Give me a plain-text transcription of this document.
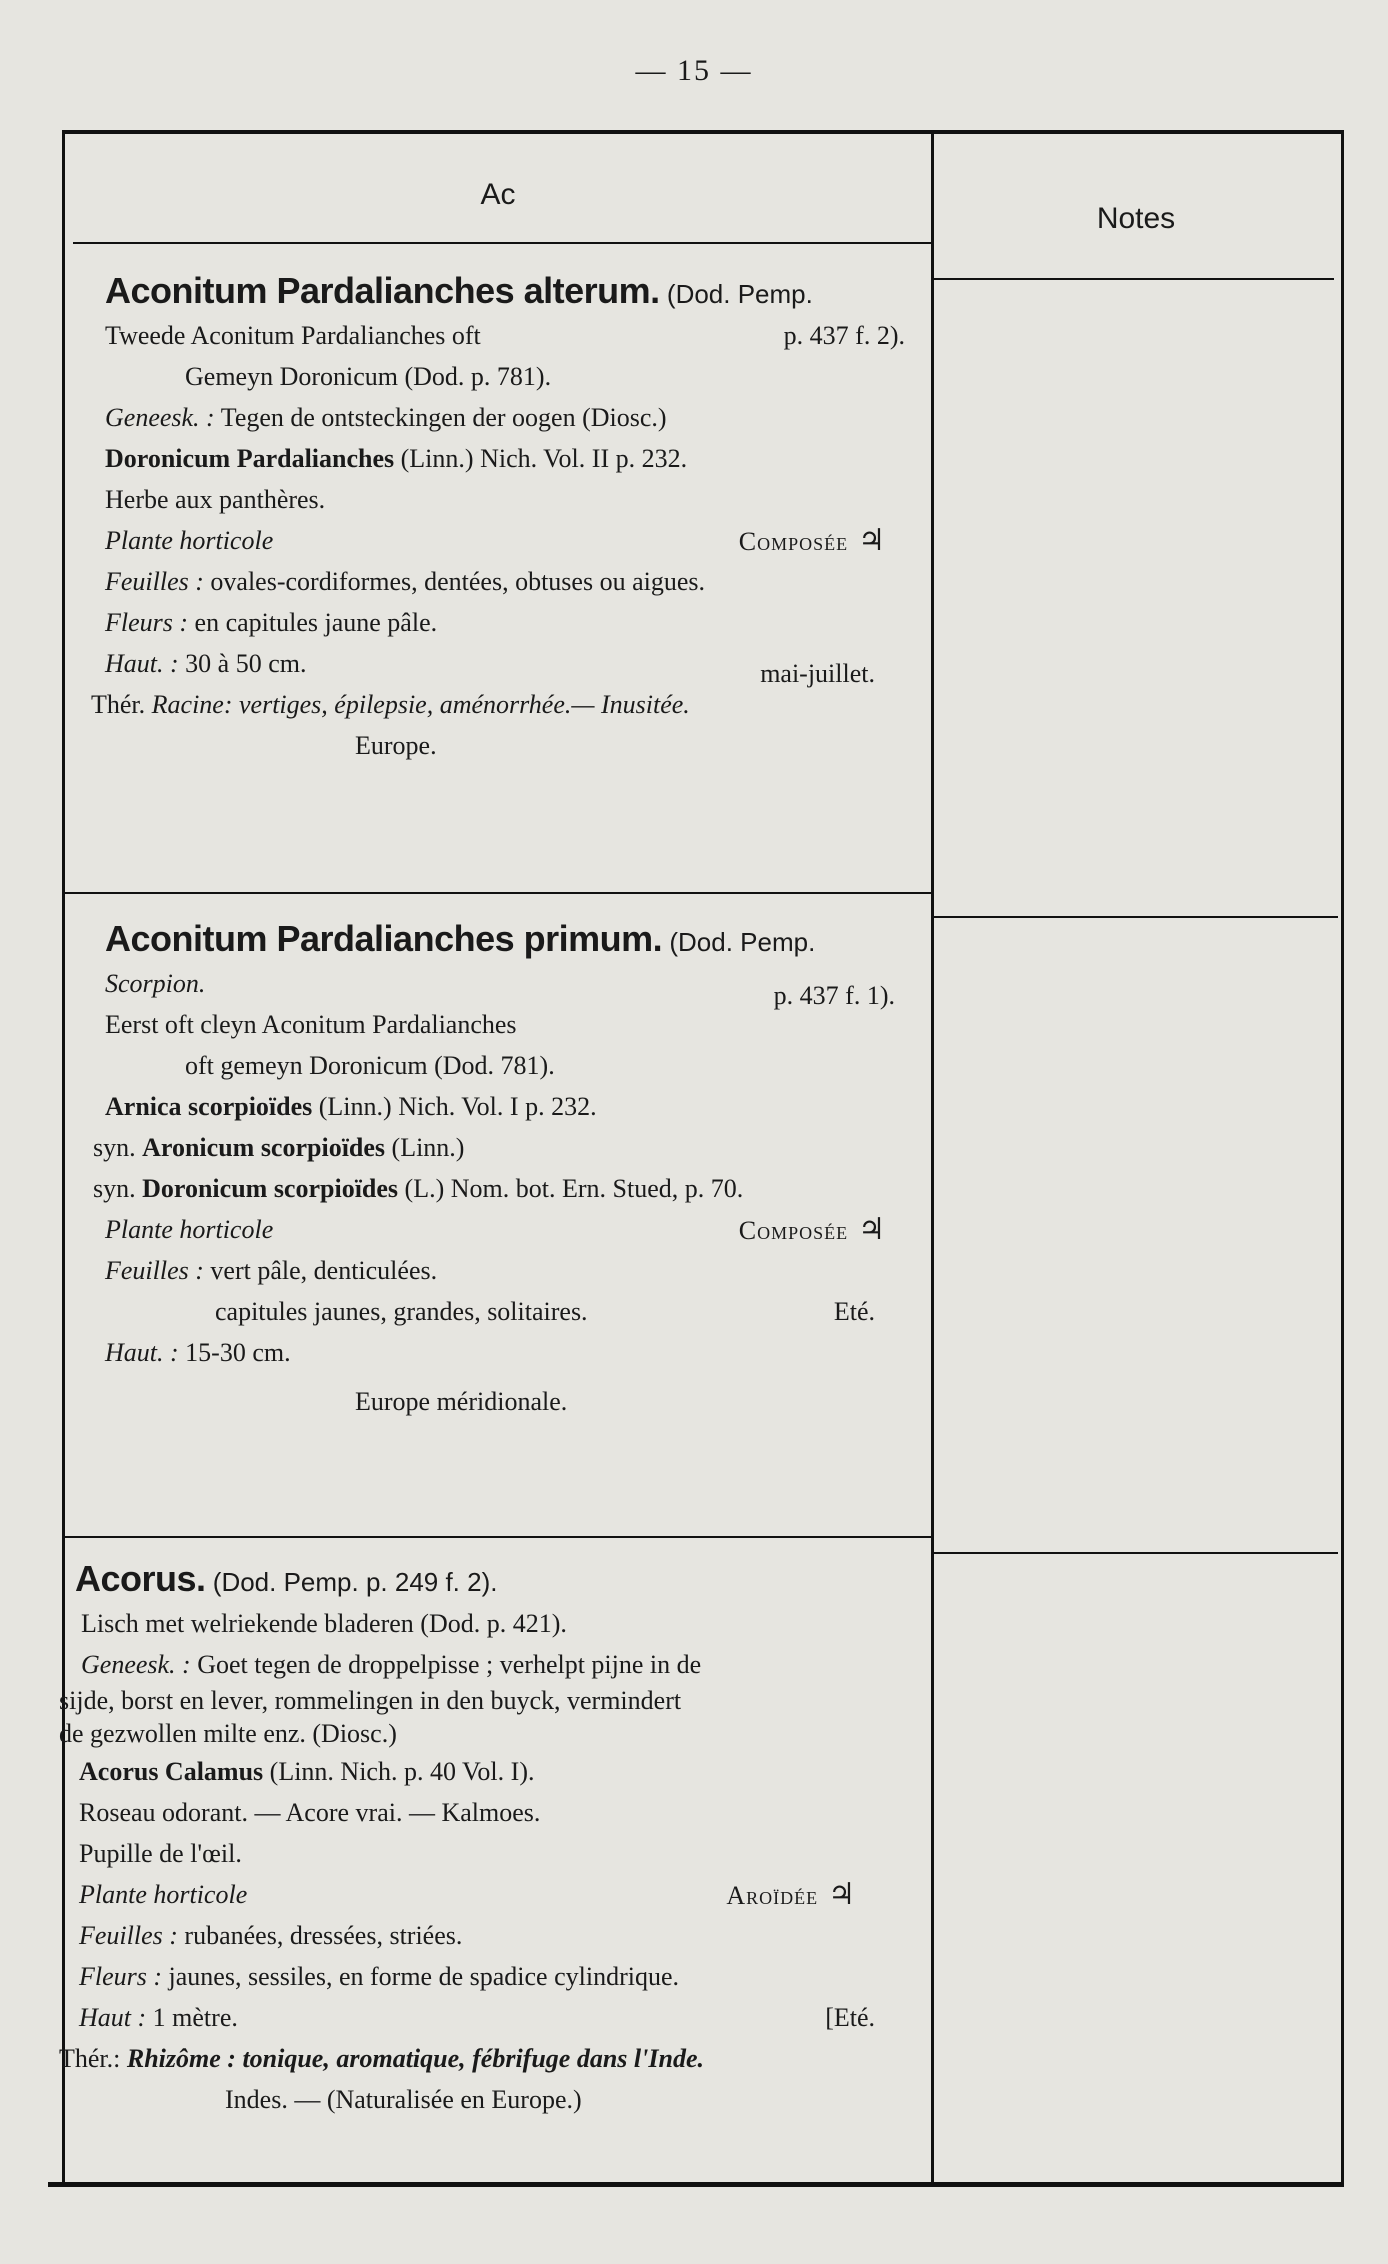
— 15 —
Ac
Notes
Aconitum Pardalianches alterum. (Dod. Pemp.
Tweede Aconitum Pardalianches oft	p. 437 f. 2).
Gemeyn Doronicum (Dod. p. 781).
Geneesk. : Tegen de ontsteckingen der oogen (Diosc.)
Doronicum Pardalianches (Linn.) Nich. Vol. II p. 232.
Herbe aux panthères.
Plante horticole	Composée ♃
Feuilles : ovales-cordiformes, dentées, obtuses ou aigues.
Fleurs : en capitules jaune pâle.
Haut. : 30 à 50 cm.	mai-juillet.
Thér. Racine: vertiges, épilepsie, aménorrhée.— Inusitée.
Europe.
Aconitum Pardalianches primum. (Dod. Pemp.
Scorpion.	p. 437 f. 1).
Eerst oft cleyn Aconitum Pardalianches
oft gemeyn Doronicum (Dod. 781).
Arnica scorpioïdes (Linn.) Nich. Vol. I p. 232.
syn. Aronicum scorpioïdes (Linn.)
syn. Doronicum scorpioïdes (L.) Nom. bot. Ern. Stued, p. 70.
Plante horticole	Composée ♃
Feuilles : vert pâle, denticulées.
capitules jaunes, grandes, solitaires.	Eté.
Haut. : 15-30 cm.
Europe méridionale.
Acorus. (Dod. Pemp. p. 249 f. 2).
Lisch met welriekende bladeren (Dod. p. 421).
Geneesk. : Goet tegen de droppelpisse ; verhelpt pijne in de
sijde, borst en lever, rommelingen in den buyck, vermindert
de gezwollen milte enz. (Diosc.)
Acorus Calamus (Linn. Nich. p. 40 Vol. I).
Roseau odorant. — Acore vrai. — Kalmoes.
Pupille de l'œil.
Plante horticole	Aroïdée ♃
Feuilles : rubanées, dressées, striées.
Fleurs : jaunes, sessiles, en forme de spadice cylindrique.
Haut : 1 mètre.	[Eté.
Thér.: Rhizôme : tonique, aromatique, fébrifuge dans l'Inde.
Indes. — (Naturalisée en Europe.)
